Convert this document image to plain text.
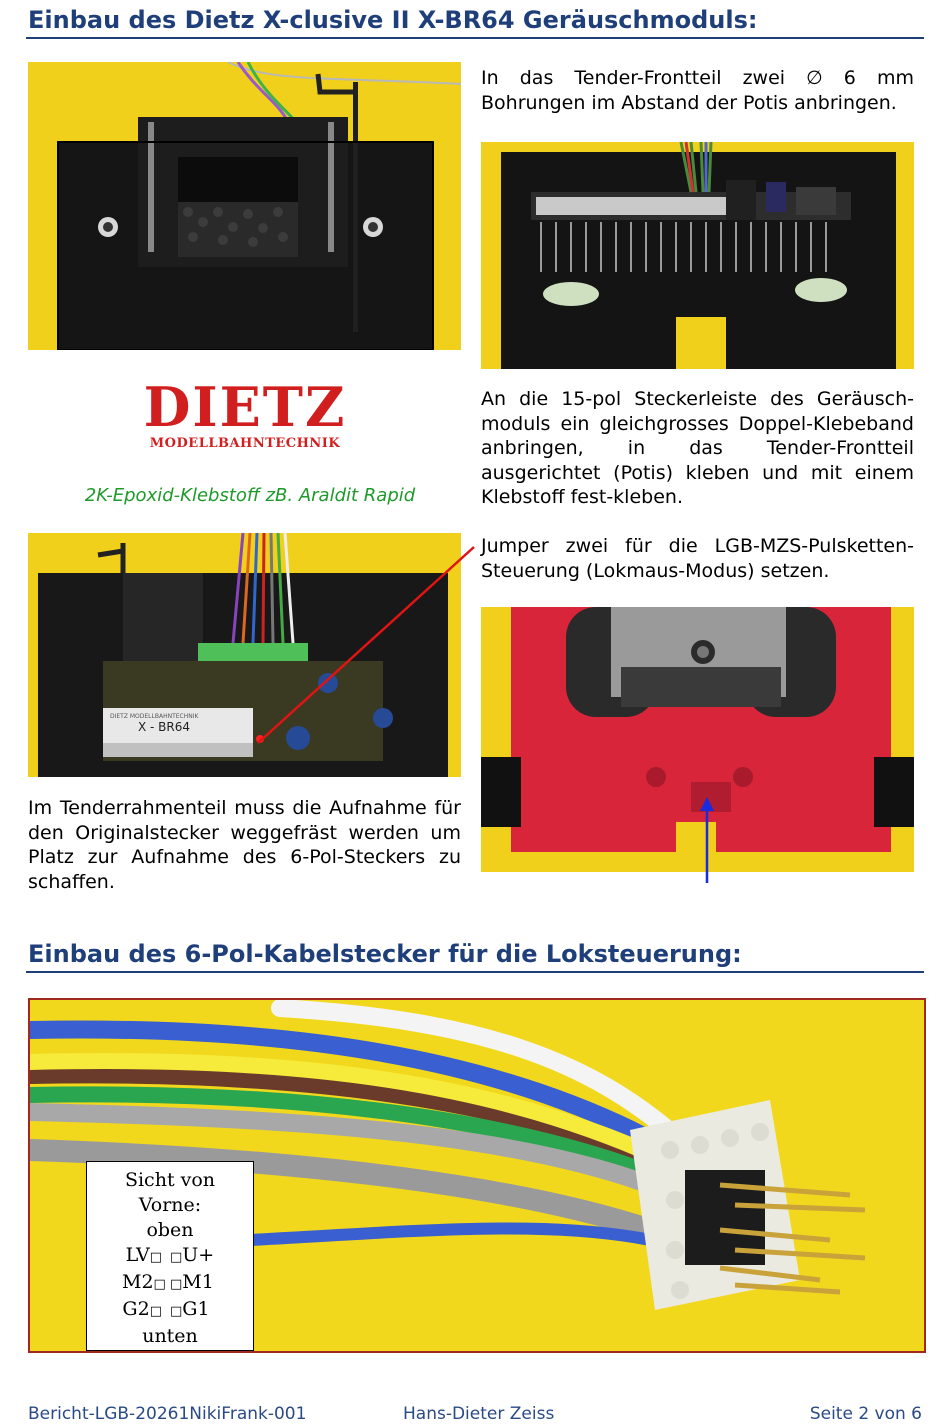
Einbau des Dietz X-clusive II X-BR64 Geräuschmoduls:
In das Tender-Frontteil zwei ∅ 6 mm Bohrungen im Abstand der Potis anbringen.
DIETZ
MODELLBAHNTECHNIK
2K-Epoxid-Klebstoff zB. Araldit Rapid
An die 15-pol Steckerleiste des Geräusch-moduls ein gleichgrosses Doppel-Klebeband anbringen, in das Tender-Frontteil ausgerichtet (Potis) kleben und mit einem Klebstoff fest-kleben.
Jumper zwei für die LGB-MZS-Pulsketten-Steuerung (Lokmaus-Modus) setzen.
X - BR64
DIETZ MODELLBAHNTECHNIK
Im Tenderrahmenteil muss die Aufnahme für den Originalstecker weggefräst werden um Platz zur Aufnahme des 6-Pol-Steckers zu schaffen.
Einbau des 6-Pol-Kabelstecker für die Loksteuerung:
Sicht von
Vorne:
oben
LV□ □U+
M2□ □M1
G2□ □G1
unten
Bericht-LGB-20261NikiFrank-001	Hans-Dieter Zeiss	Seite 2 von 6
